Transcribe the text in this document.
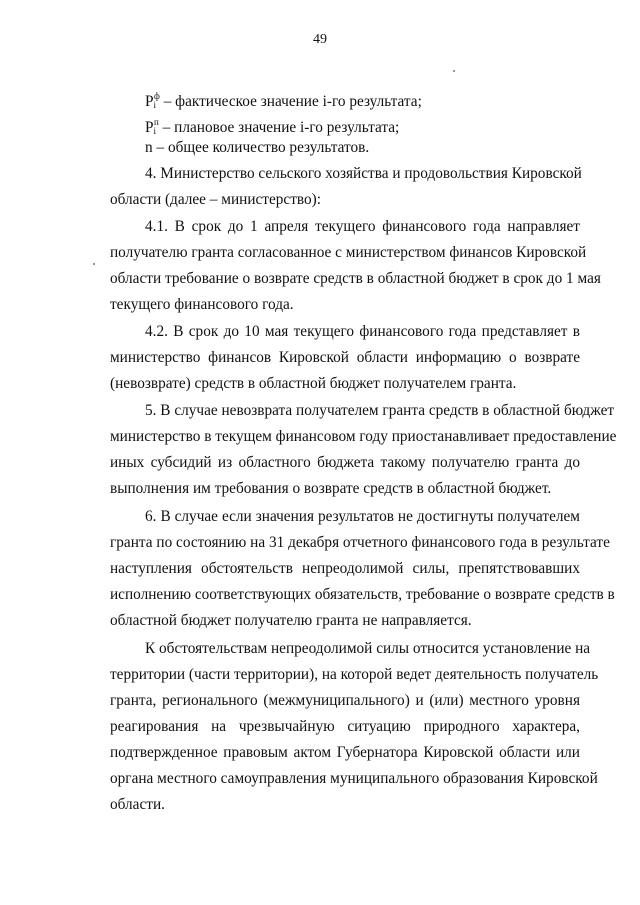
49
$P_i^ф$ – фактическое значение i-го результата;
$P_i^п$ – плановое значение i-го результата;
n – общее количество результатов.
4. Министерство сельского хозяйства и продовольствия Кировской
области (далее – министерство):
4.1. В срок до 1 апреля текущего финансового года направляет
получателю гранта согласованное с министерством финансов Кировской
области требование о возврате средств в областной бюджет в срок до 1 мая
текущего финансового года.
4.2. В срок до 10 мая текущего финансового года представляет в
министерство финансов Кировской области информацию о возврате
(невозврате) средств в областной бюджет получателем гранта.
5. В случае невозврата получателем гранта средств в областной бюджет
министерство в текущем финансовом году приостанавливает предоставление
иных субсидий из областного бюджета такому получателю гранта до
выполнения им требования о возврате средств в областной бюджет.
6. В случае если значения результатов не достигнуты получателем
гранта по состоянию на 31 декабря отчетного финансового года в результате
наступления обстоятельств непреодолимой силы, препятствовавших
исполнению соответствующих обязательств, требование о возврате средств в
областной бюджет получателю гранта не направляется.
К обстоятельствам непреодолимой силы относится установление на
территории (части территории), на которой ведет деятельность получатель
гранта, регионального (межмуниципального) и (или) местного уровня
реагирования на чрезвычайную ситуацию природного характера,
подтвержденное правовым актом Губернатора Кировской области или
органа местного самоуправления муниципального образования Кировской
области.
